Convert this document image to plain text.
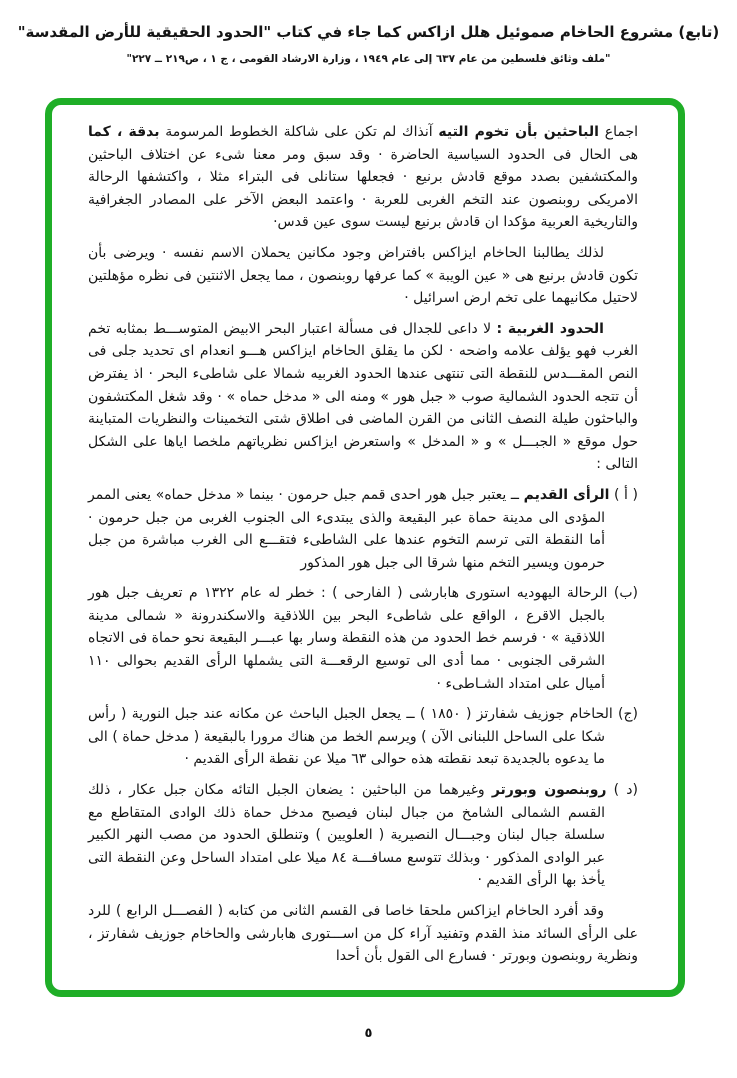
(تابع) مشروع الحاخام صموئيل هلل ازاكس كما جاء في كتاب "الحدود الحقيقية للأرض المقدسة"
"ملف وثائق فلسطين من عام ٦٣٧ إلى عام ١٩٤٩ ، وزارة الارشاد القومى ، ج ١ ، ص٢١٩ ــ ٢٢٧"

اجماع الباحثين بأن تخوم التيه آنذاك لم تكن على شاكلة الخطوط المرسومة بدقة ، كما هى الحال فى الحدود السياسية الحاضرة · وقد سبق ومر معنا شىء عن اختلاف الباحثين والمكتشفين بصدد موقع قادش برنيع · فجعلها ستانلى فى البتراء مثلا ، واكتشفها الرحالة الامريكى روبنصون عند التخم الغربى للعربة · واعتمد البعض الآخر على المصادر الجغرافية والتاريخية العربية مؤكدا ان قادش برنيع ليست سوى عين قدس·

لذلك يطالبنا الحاخام ايزاكس بافتراض وجود مكانين يحملان الاسم نفسه · ويرضى بأن تكون قادش برنيع هى « عين الويبة » كما عرفها روبنصون ، مما يجعل الاثنتين فى نظره مؤهلتين لاحتيل مكانيهما على تخم ارض اسرائيل ·

الحدود الغربية : لا داعى للجدال فى مسألة اعتبار البحر الابيض المتوســـط بمثابه تخم الغرب فهو يؤلف علامه واضحه · لكن ما يقلق الحاخام ايزاكس هـــو انعدام اى تحديد جلى فى النص المقـــدس للنقطة التى تنتهى عندها الحدود الغربيه شمالا على شاطىء البحر · اذ يفترض أن تتجه الحدود الشمالية صوب « جبل هور » ومنه الى « مدخل حماه » · وقد شغل المكتشفون والباحثون طيلة النصف الثانى من القرن الماضى فى اطلاق شتى التخمينات والنظريات المتباينة حول موقع « الجبـــل » و « المدخل » واستعرض ايزاكس نظرياتهم ملخصا اياها على الشكل التالى :

( أ ) الرأى القديم ــ يعتبر جبل هور احدى قمم جبل حرمون · بينما « مدخل حماه» يعنى الممر المؤدى الى مدينة حماة عبر البقيعة والذى يبتدىء الى الجنوب الغربى من جبل حرمون · أما النقطة التى ترسم التخوم عندها على الشاطىء فتقـــع الى الغرب مباشرة من جبل حرمون ويسير التخم منها شرقا الى جبل هور المذكور

(ب) الرحالة اليهوديه استورى هابارشى ( الفارحى ) : خطر له عام ١٣٢٢ م تعريف جبل هور بالجبل الاقرع ، الواقع على شاطىء البحر بين اللاذقية والاسكندرونة « شمالى مدينة اللاذقية » · فرسم خط الحدود من هذه النقطة وسار بها عبـــر البقيعة نحو حماة فى الاتجاه الشرقى الجنوبى · مما أدى الى توسيع الرقعـــة التى يشملها الرأى القديم بحوالى ١١٠ أميال على امتداد الشـاطىء ·

(ج) الحاخام جوزيف شفارتز ( ١٨٥٠ ) ــ يجعل الجبل الباحث عن مكانه عند جبل النورية ( رأس شكا على الساحل اللبنانى الآن ) ويرسم الخط من هناك مرورا بالبقيعة ( مدخل حماة ) الى ما يدعوه بالجديدة تبعد نقطته هذه حوالى ٦٣ ميلا عن نقطة الرأى القديم ·

(د ) روبنصون وبورتر وغيرهما من الباحثين : يضعان الجبل التائه مكان جبل عكار ، ذلك القسم الشمالى الشامخ من جبال لبنان فيصبح مدخل حماة ذلك الوادى المتقاطع مع سلسلة جبال لبنان وجبـــال النصيرية ( العلويين ) وتنطلق الحدود من مصب النهر الكبير عبر الوادى المذكور · وبذلك تتوسع مسافـــة ٨٤ ميلا على امتداد الساحل وعن النقطة التى يأخذ بها الرأى القديم ·

وقد أفرد الحاخام ايزاكس ملحقا خاصا فى القسم الثانى من كتابه ( الفصـــل الرابع ) للرد على الرأى السائد منذ القدم وتفنيد آراء كل من اســـتورى هابارشى والحاخام جوزيف شفارتز ، ونظرية روبنصون وبورتر · فسارع الى القول بأن أحدا

٥
